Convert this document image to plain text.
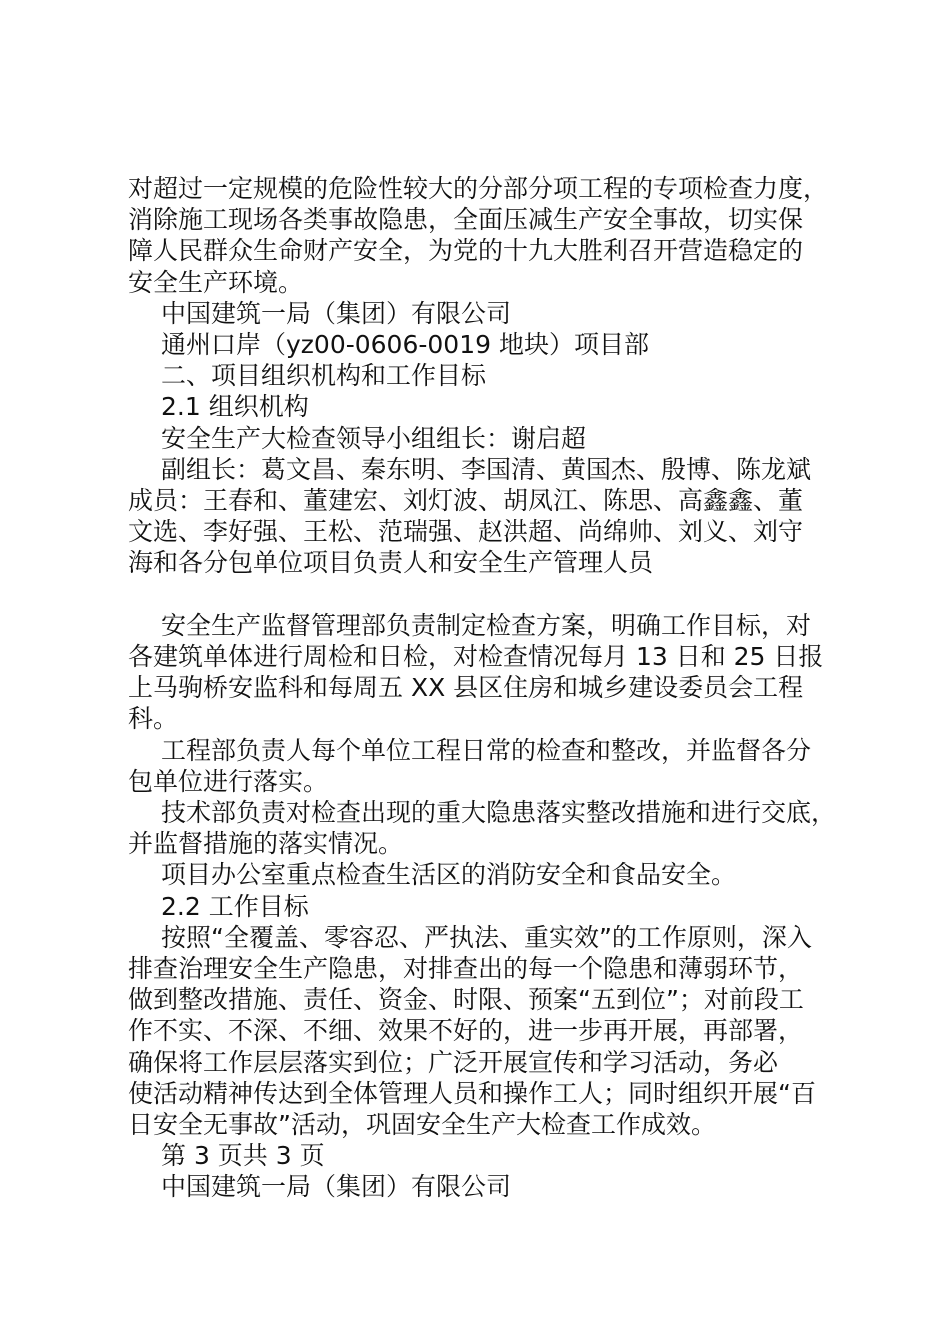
对超过一定规模的危险性较大的分部分项工程的专项检查力度，
消除施工现场各类事故隐患，全面压减生产安全事故，切实保
障人民群众生命财产安全，为党的十九大胜利召开营造稳定的
安全生产环境。

中国建筑一局（集团）有限公司

通州口岸（yz00-0606-0019 地块）项目部

二、项目组织机构和工作目标

2.1 组织机构

安全生产大检查领导小组组长：谢启超

副组长：葛文昌、秦东明、李国清、黄国杰、殷博、陈龙斌

成员：王春和、董建宏、刘灯波、胡凤江、陈思、高鑫鑫、董
文选、李好强、王松、范瑞强、赵洪超、尚绵帅、刘义、刘守
海和各分包单位项目负责人和安全生产管理人员

安全生产监督管理部负责制定检查方案，明确工作目标，对
各建筑单体进行周检和日检，对检查情况每月 13 日和 25 日报
上马驹桥安监科和每周五 XX 县区住房和城乡建设委员会工程
科。

工程部负责人每个单位工程日常的检查和整改，并监督各分
包单位进行落实。

技术部负责对检查出现的重大隐患落实整改措施和进行交底，
并监督措施的落实情况。

项目办公室重点检查生活区的消防安全和食品安全。

2.2 工作目标

按照“全覆盖、零容忍、严执法、重实效”的工作原则，深入
排查治理安全生产隐患，对排查出的每一个隐患和薄弱环节，
做到整改措施、责任、资金、时限、预案“五到位”；对前段工
作不实、不深、不细、效果不好的，进一步再开展，再部署，
确保将工作层层落实到位；广泛开展宣传和学习活动，务必
使活动精神传达到全体管理人员和操作工人；同时组织开展“百
日安全无事故”活动，巩固安全生产大检查工作成效。

第 3 页共 3 页

中国建筑一局（集团）有限公司
